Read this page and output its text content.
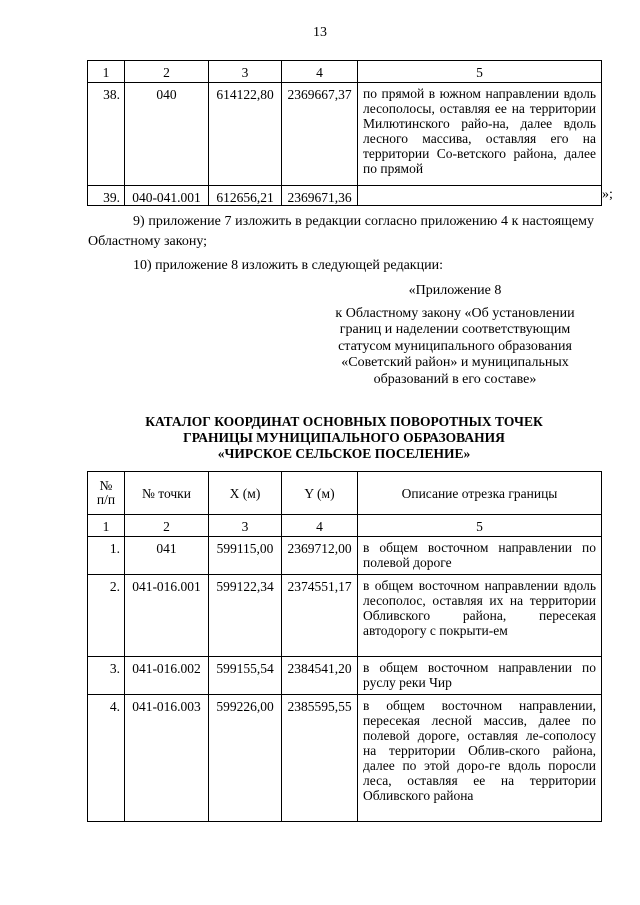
13
1	2	3	4	5
38.	040	614122,80	2369667,37	по прямой в южном направлении вдоль лесополосы, оставляя ее на территории Милютинского райо-на, далее вдоль лесного массива, оставляя его на территории Со-ветского района, далее по прямой
39.	040-041.001	612656,21	2369671,36		»;
9) приложение 7 изложить в редакции согласно приложению 4 к настоящему Областному закону;
10) приложение 8 изложить в следующей редакции:
«Приложение 8
к Областному закону «Об установлении
границ и наделении соответствующим
статусом муниципального образования
«Советский район» и муниципальных
образований в его составе»
КАТАЛОГ КООРДИНАТ ОСНОВНЫХ ПОВОРОТНЫХ ТОЧЕК
ГРАНИЦЫ МУНИЦИПАЛЬНОГО ОБРАЗОВАНИЯ
«ЧИРСКОЕ СЕЛЬСКОЕ ПОСЕЛЕНИЕ»
№
п/п	№ точки	X (м)	Y (м)	Описание отрезка границы
1	2	3	4	5
1.	041	599115,00	2369712,00	в общем восточном направлении по полевой дороге
2.	041-016.001	599122,34	2374551,17	в общем восточном направлении вдоль лесополос, оставляя их на территории Обливского района, пересекая автодорогу с покрыти-ем
3.	041-016.002	599155,54	2384541,20	в общем восточном направлении по руслу реки Чир
4.	041-016.003	599226,00	2385595,55	в общем восточном направлении, пересекая лесной массив, далее по полевой дороге, оставляя ле-сополосу на территории Облив-ского района, далее по этой доро-ге вдоль поросли леса, оставляя ее на территории Обливского района
